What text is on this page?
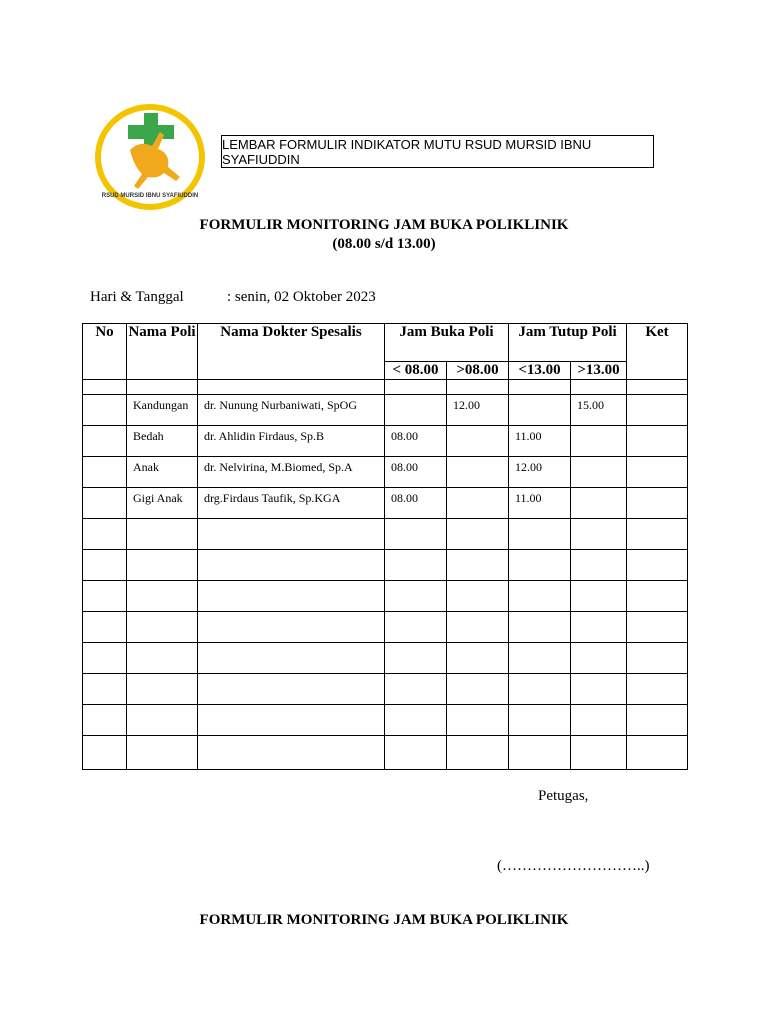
RSUD MURSID IBNU SYAFIUDDIN
LEMBAR FORMULIR INDIKATOR MUTU RSUD MURSID IBNU SYAFIUDDIN
FORMULIR MONITORING JAM BUKA POLIKLINIK
(08.00 s/d 13.00)
Hari & Tanggal	: senin, 02 Oktober 2023
No	Nama Poli	Nama Dokter Spesalis	Jam Buka Poli		Jam Tutup Poli		Ket
			< 08.00	>08.00	<13.00	>13.00	

	Kandungan	dr. Nunung Nurbaniwati, SpOG		12.00		15.00	
	Bedah	dr. Ahlidin Firdaus, Sp.B	08.00		11.00		
	Anak	dr. Nelvirina, M.Biomed, Sp.A	08.00		12.00		
	Gigi Anak	drg.Firdaus Taufik, Sp.KGA	08.00		11.00		

Petugas,
(………………………..)
FORMULIR MONITORING JAM BUKA POLIKLINIK
